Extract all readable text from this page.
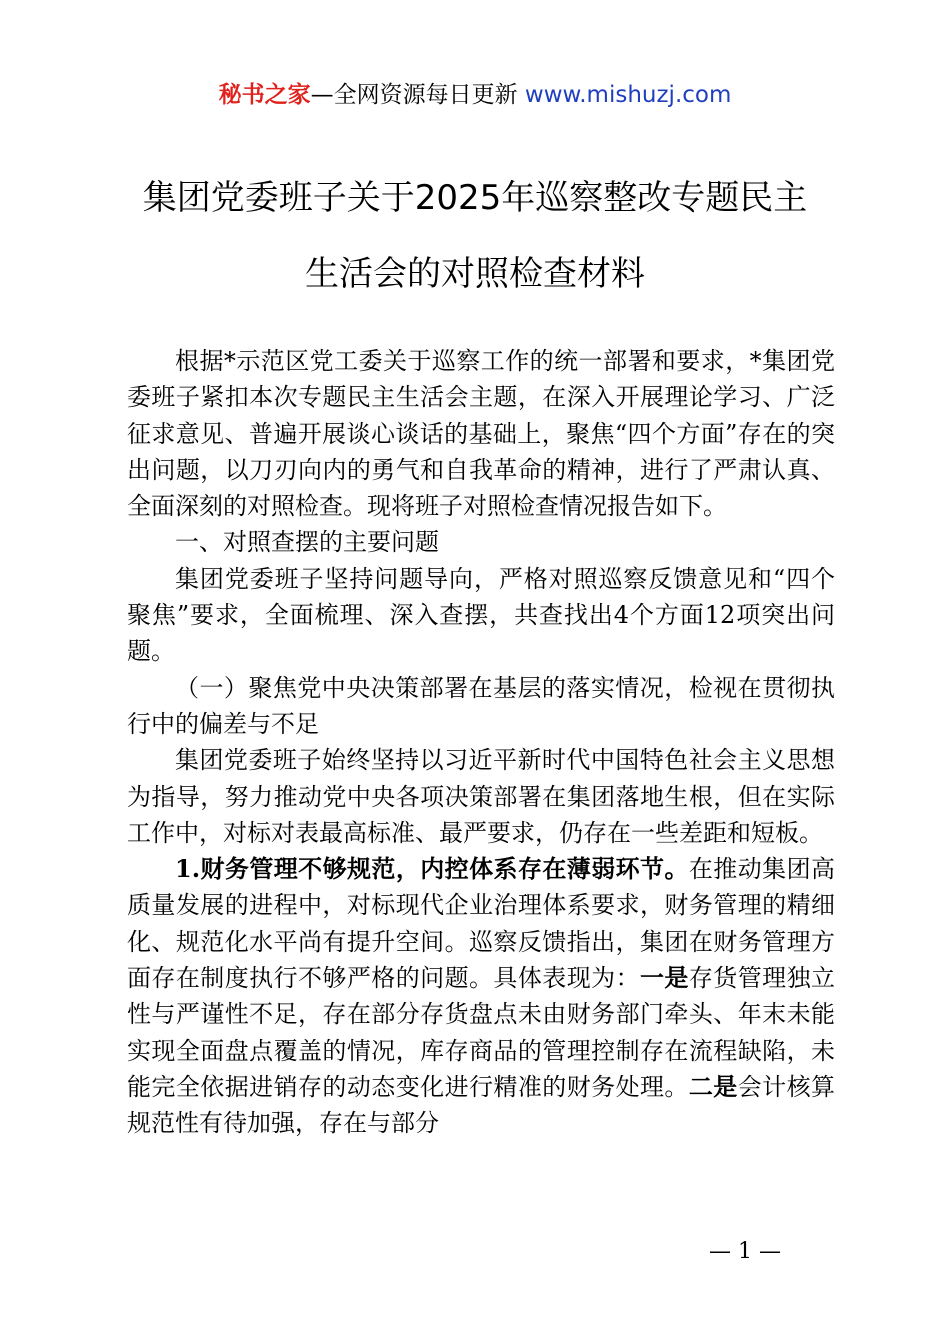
秘书之家—全网资源每日更新 www.mishuzj.com
集团党委班子关于2025年巡察整改专题民主
生活会的对照检查材料

根据*示范区党工委关于巡察工作的统一部署和要求，*集团党委班子紧扣本次专题民主生活会主题，在深入开展理论学习、广泛征求意见、普遍开展谈心谈话的基础上，聚焦“四个方面”存在的突出问题，以刀刃向内的勇气和自我革命的精神，进行了严肃认真、全面深刻的对照检查。现将班子对照检查情况报告如下。

一、对照查摆的主要问题

集团党委班子坚持问题导向，严格对照巡察反馈意见和“四个聚焦”要求，全面梳理、深入查摆，共查找出4个方面12项突出问题。

（一）聚焦党中央决策部署在基层的落实情况，检视在贯彻执行中的偏差与不足

集团党委班子始终坚持以习近平新时代中国特色社会主义思想为指导，努力推动党中央各项决策部署在集团落地生根，但在实际工作中，对标对表最高标准、最严要求，仍存在一些差距和短板。

1.财务管理不够规范，内控体系存在薄弱环节。在推动集团高质量发展的进程中，对标现代企业治理体系要求，财务管理的精细化、规范化水平尚有提升空间。巡察反馈指出，集团在财务管理方面存在制度执行不够严格的问题。具体表现为：一是存货管理独立性与严谨性不足，存在部分存货盘点未由财务部门牵头、年末未能实现全面盘点覆盖的情况，库存商品的管理控制存在流程缺陷，未能完全依据进销存的动态变化进行精准的财务处理。二是会计核算规范性有待加强，存在与部分

— 1 —
